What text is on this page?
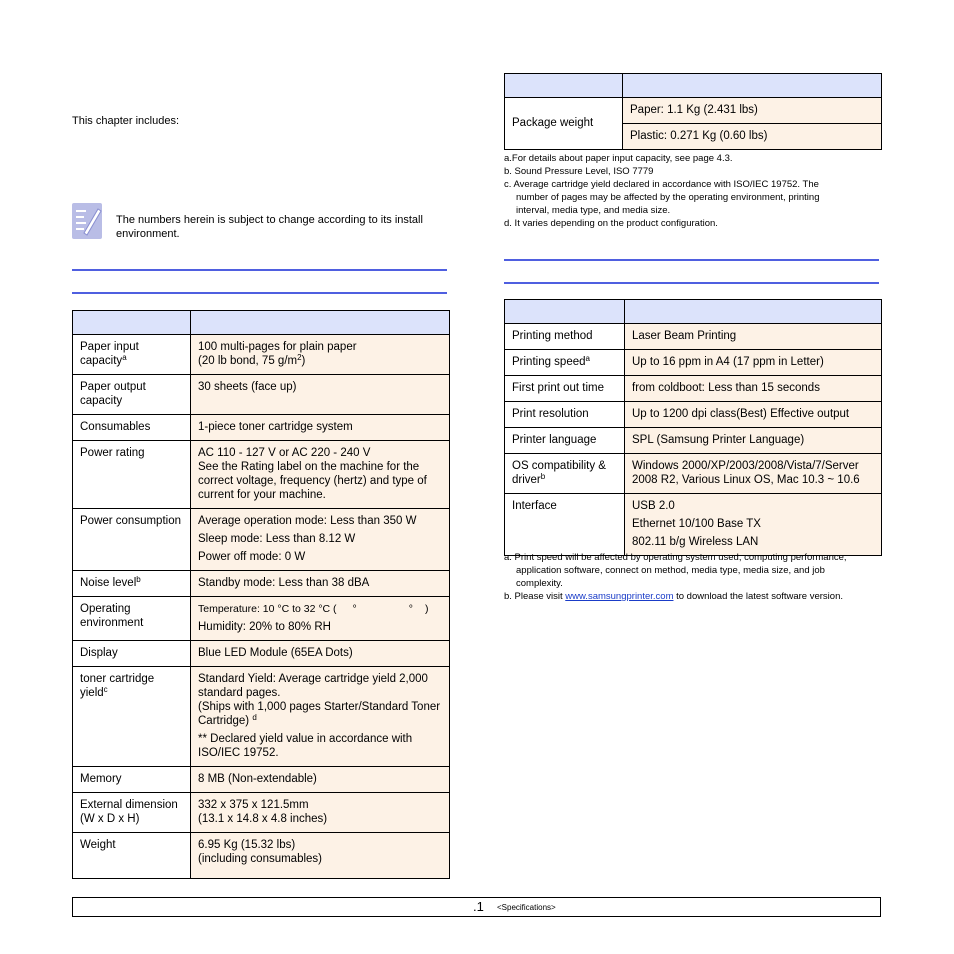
This chapter includes:
The numbers herein is subject to change according to its install environment.

Paper input capacity$^a$	100 multi-pages for plain paper
(20 lb bond, 75 $g/m^2$)
Paper output capacity	30 sheets (face up)
Consumables	1-piece toner cartridge system
Power rating	AC 110 - 127 V or AC 220 - 240 V
See the Rating label on the machine for the correct voltage, frequency (hertz) and type of current for your machine.

Power consumption	Average operation mode: Less than 350 W
Sleep mode: Less than 8.12 W
Power off mode: 0 W

Noise level$^b$	Standby mode: Less than 38 dBA
Operating environment	Temperature: 10 °C to 32 °C ( ° ° )
Humidity: 20% to 80% RH

Display	Blue LED Module (65EA Dots)
toner cartridge yield$^c$	Standard Yield: Average cartridge yield 2,000 standard pages.
(Ships with 1,000 pages Starter/Standard Toner Cartridge) $^d$
** Declared yield value in accordance with ISO/IEC 19752.

Memory	8 MB (Non-extendable)
External dimension (W x D x H)	332 x 375 x 121.5mm
(13.1 x 14.8 x 4.8 inches)

Weight	6.95 Kg (15.32 lbs)
(including consumables)

Package weight	Paper: 1.1 Kg (2.431 lbs)
	Plastic: 0.271 Kg (0.60 lbs)
a.For details about paper input capacity, see page 4.3.
b. Sound Pressure Level, ISO 7779
c. Average cartridge yield declared in accordance with ISO/IEC 19752. The
number of pages may be affected by the operating environment, printing
interval, media type, and media size.
d. It varies depending on the product configuration.

Printing method	Laser Beam Printing
Printing speed$^a$	Up to 16 ppm in A4 (17 ppm in Letter)
First print out time	from coldboot: Less than 15 seconds
Print resolution	Up to 1200 dpi class(Best) Effective output
Printer language	SPL (Samsung Printer Language)
OS compatibility & driver$^b$	Windows 2000/XP/2003/2008/Vista/7/Server 2008 R2, Various Linux OS, Mac 10.3 ~ 10.6
Interface	USB 2.0
Ethernet 10/100 Base TX
802.11 b/g Wireless LAN
a. Print speed will be affected by operating system used, computing performance,
application software, connect on method, media type, media size, and job
complexity.
b. Please visit www.samsungprinter.com to download the latest software version.
.1 <Specifications>
